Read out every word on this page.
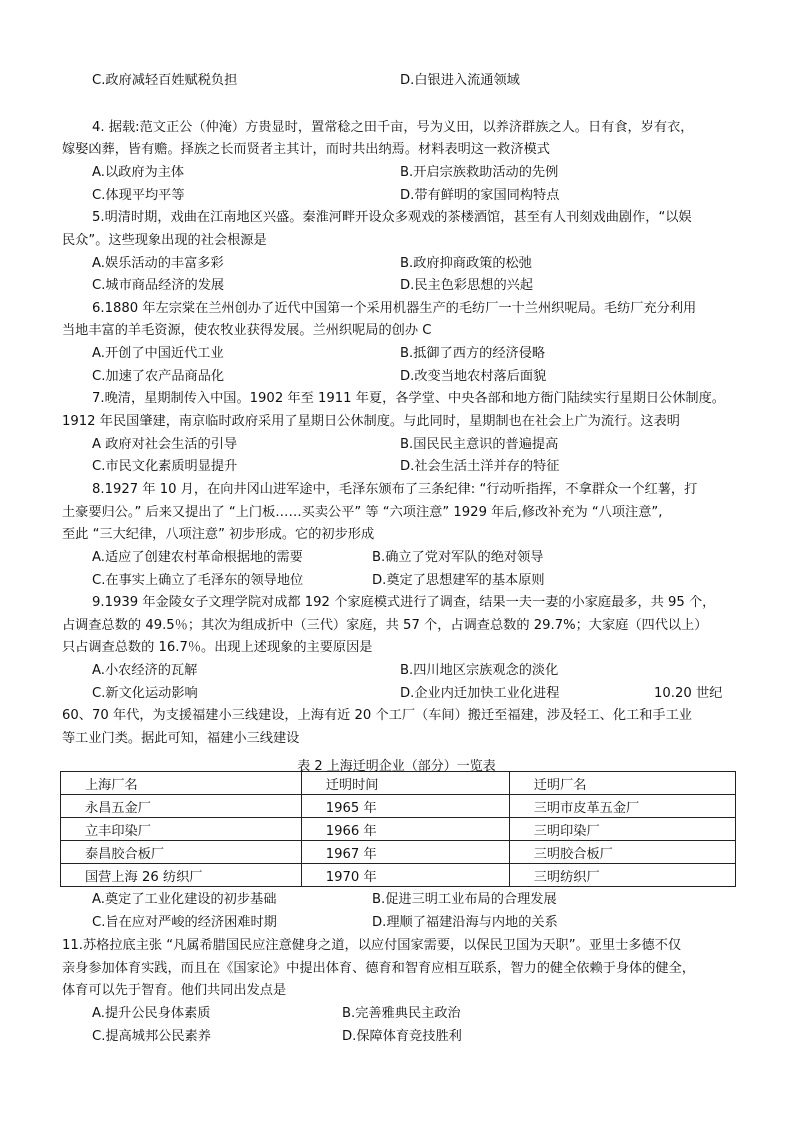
C.政府减轻百姓赋税负担	D.白银进入流通领域
4. 据载:范文正公（仲淹）方贵显时，置常稔之田千亩，号为义田，以养济群族之人。日有食，岁有衣，
嫁娶凶葬，皆有赡。择族之长而贤者主其计，而时共出纳焉。材料表明这一救济模式
A.以政府为主体	B.开启宗族救助活动的先例
C.体现平均平等	D.带有鲜明的家国同构特点
5.明清时期，戏曲在江南地区兴盛。秦淮河畔开设众多观戏的茶楼酒馆，甚至有人刊刻戏曲剧作，“以娱
民众”。这些现象出现的社会根源是
A.娱乐活动的丰富多彩	B.政府抑商政策的松弛
C.城市商品经济的发展	D.民主色彩思想的兴起
6.1880 年左宗棠在兰州创办了近代中国第一个采用机器生产的毛纺厂一十兰州织呢局。毛纺厂充分利用
当地丰富的羊毛资源，使农牧业获得发展。兰州织呢局的创办 C
A.开创了中国近代工业	B.抵御了西方的经济侵略
C.加速了农产品商品化	D.改变当地农村落后面貌
7.晚清，星期制传入中国。1902 年至 1911 年夏，各学堂、中央各部和地方衙门陆续实行星期日公休制度。
1912 年民国肇建，南京临时政府采用了星期日公休制度。与此同时，星期制也在社会上广为流行。这表明
A 政府对社会生活的引导	B.国民民主意识的普遍提高
C.市民文化素质明显提升	D.社会生活土洋并存的特征
8.1927 年 10 月，在向井冈山进军途中，毛泽东颁布了三条纪律: “行动听指挥，不拿群众一个红薯，打
土豪要归公。” 后来又提出了 “上门板……买卖公平” 等 “六项注意” 1929 年后,修改补充为 “八项注意”,
至此 “三大纪律，八项注意” 初步形成。它的初步形成
A.适应了创建农村革命根据地的需要	B.确立了党对军队的绝对领导
C.在事实上确立了毛泽东的领导地位	D.奠定了思想建军的基本原则
9.1939 年金陵女子文理学院对成都 192 个家庭模式进行了调查，结果一夫一妻的小家庭最多，共 95 个，
占调查总数的 49.5％；其次为组成折中（三代）家庭，共 57 个，占调查总数的 29.7%；大家庭（四代以上）
只占调查总数的 16.7％。出现上述现象的主要原因是
A.小农经济的瓦解	B.四川地区宗族观念的淡化
C.新文化运动影响	D.企业内迁加快工业化进程	10.20 世纪
60、70 年代，为支援福建小三线建设，上海有近 20 个工厂（车间）搬迁至福建，涉及轻工、化工和手工业
等工业门类。据此可知，福建小三线建设
表 2 上海迁明企业（部分）一览表
上海厂名	迁明时间	迁明厂名
永昌五金厂	1965 年	三明市皮革五金厂
立丰印染厂	1966 年	三明印染厂
泰昌胶合板厂	1967 年	三明胶合板厂
国营上海 26 纺织厂	1970 年	三明纺织厂
A.奠定了工业化建设的初步基础	B.促进三明工业布局的合理发展
C.旨在应对严峻的经济困难时期	D.理顺了福建沿海与内地的关系
11.苏格拉底主张 “凡属希腊国民应注意健身之道，以应付国家需要，以保民卫国为天职”。亚里士多德不仅
亲身参加体育实践，而且在《国家论》中提出体育、德育和智育应相互联系，智力的健全依赖于身体的健全，
体育可以先于智育。他们共同出发点是
A.提升公民身体素质	B.完善雅典民主政治
C.提高城邦公民素养	D.保障体育竞技胜利
